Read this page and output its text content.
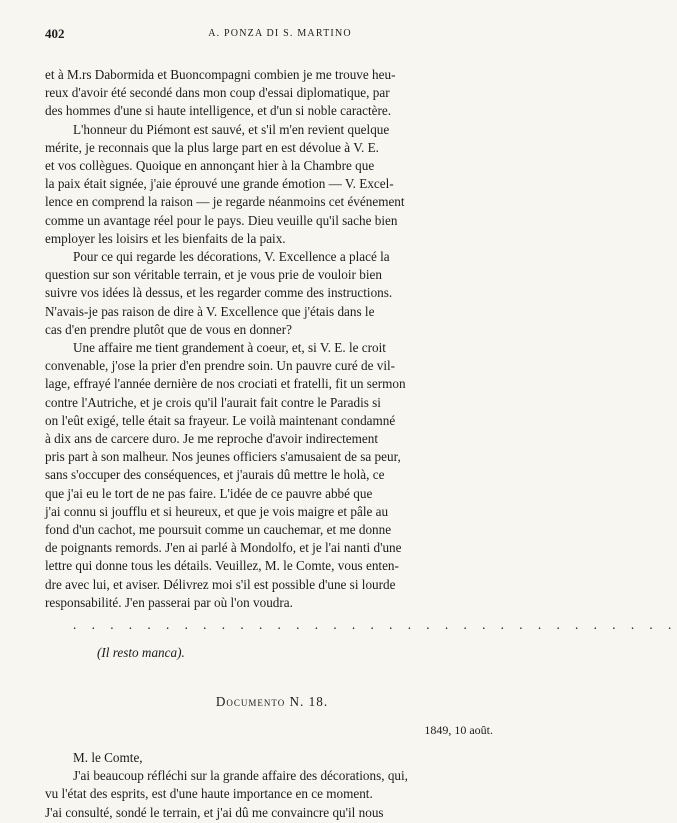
402	A. PONZA DI S. MARTINO

et à M.rs Dabormida et Buoncompagni combien je me trouve heu-
reux d'avoir été secondé dans mon coup d'essai diplomatique, par
des hommes d'une si haute intelligence, et d'un si noble caractère.

L'honneur du Piémont est sauvé, et s'il m'en revient quelque
mérite, je reconnais que la plus large part en est dévolue à V. E.
et vos collègues. Quoique en annonçant hier à la Chambre que
la paix était signée, j'aie éprouvé une grande émotion — V. Excel-
lence en comprend la raison — je regarde néanmoins cet événement
comme un avantage réel pour le pays. Dieu veuille qu'il sache bien
employer les loisirs et les bienfaits de la paix.

Pour ce qui regarde les décorations, V. Excellence a placé la
question sur son véritable terrain, et je vous prie de vouloir bien
suivre vos idées là dessus, et les regarder comme des instructions.
N'avais-je pas raison de dire à V. Excellence que j'étais dans le
cas d'en prendre plutôt que de vous en donner?

Une affaire me tient grandement à coeur, et, si V. E. le croit
convenable, j'ose la prier d'en prendre soin. Un pauvre curé de vil-
lage, effrayé l'année dernière de nos crociati et fratelli, fit un sermon
contre l'Autriche, et je crois qu'il l'aurait fait contre le Paradis si
on l'eût exigé, telle était sa frayeur. Le voilà maintenant condamné
à dix ans de carcere duro. Je me reproche d'avoir indirectement
pris part à son malheur. Nos jeunes officiers s'amusaient de sa peur,
sans s'occuper des conséquences, et j'aurais dû mettre le holà, ce
que j'ai eu le tort de ne pas faire. L'idée de ce pauvre abbé que
j'ai connu si joufflu et si heureux, et que je vois maigre et pâle au
fond d'un cachot, me poursuit comme un cauchemar, et me donne
de poignants remords. J'en ai parlé à Mondolfo, et je l'ai nanti d'une
lettre qui donne tous les détails. Veuillez, M. le Comte, vous enten-
dre avec lui, et aviser. Délivrez moi s'il est possible d'une si lourde
responsabilité. J'en passerai par où l'on voudra.

. . . . . . . . . . . . . . . . . . . . . . . . . . . . . . . . .
(Il resto manca).
Documento N. 18.
1849, 10 août.
M. le Comte,

J'ai beaucoup réfléchi sur la grande affaire des décorations, qui,
vu l'état des esprits, est d'une haute importance en ce moment.
J'ai consulté, sondé le terrain, et j'ai dû me convaincre qu'il nous
